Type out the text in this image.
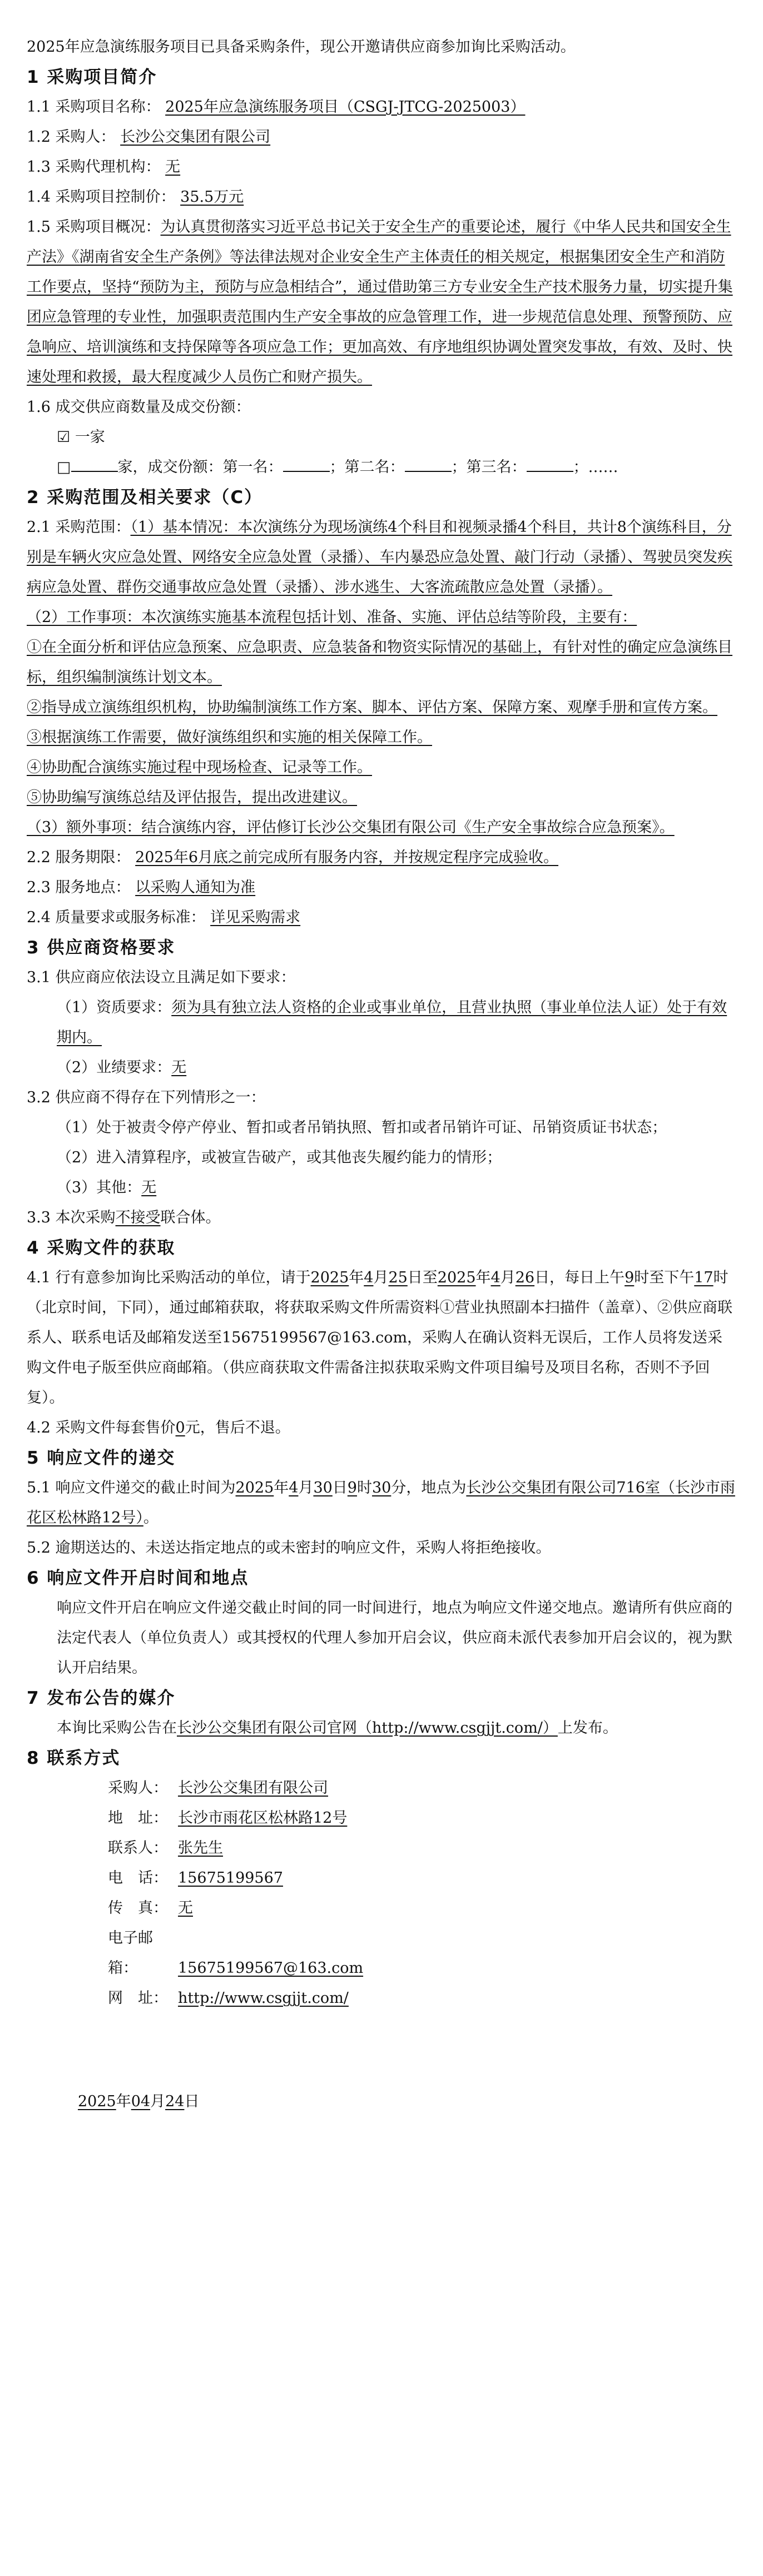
2025年应急演练服务项目已具备采购条件，现公开邀请供应商参加询比采购活动。

1 采购项目简介

1.1 采购项目名称： 2025年应急演练服务项目（CSGJ-JTCG-2025003）

1.2 采购人： 长沙公交集团有限公司

1.3 采购代理机构： 无

1.4 采购项目控制价： 35.5万元

1.5 采购项目概况：为认真贯彻落实习近平总书记关于安全生产的重要论述，履行《中华人民共和国安全生产法》《湖南省安全生产条例》等法律法规对企业安全生产主体责任的相关规定，根据集团安全生产和消防工作要点，坚持“预防为主，预防与应急相结合”，通过借助第三方专业安全生产技术服务力量，切实提升集团应急管理的专业性，加强职责范围内生产安全事故的应急管理工作，进一步规范信息处理、预警预防、应急响应、培训演练和支持保障等各项应急工作；更加高效、有序地组织协调处置突发事故，有效、及时、快速处理和救援，最大程度减少人员伤亡和财产损失。

1.6 成交供应商数量及成交份额：

☑ 一家

□	家，成交份额：第一名：	；第二名：	；第三名：	；……

2 采购范围及相关要求（C）

2.1 采购范围：（1）基本情况：本次演练分为现场演练4个科目和视频录播4个科目，共计8个演练科目，分别是车辆火灾应急处置、网络安全应急处置（录播）、车内暴恐应急处置、敲门行动（录播）、驾驶员突发疾病应急处置、群伤交通事故应急处置（录播）、涉水逃生、大客流疏散应急处置（录播）。

（2）工作事项：本次演练实施基本流程包括计划、准备、实施、评估总结等阶段，主要有：

①在全面分析和评估应急预案、应急职责、应急装备和物资实际情况的基础上，有针对性的确定应急演练目标，组织编制演练计划文本。

②指导成立演练组织机构，协助编制演练工作方案、脚本、评估方案、保障方案、观摩手册和宣传方案。

③根据演练工作需要，做好演练组织和实施的相关保障工作。

④协助配合演练实施过程中现场检查、记录等工作。

⑤协助编写演练总结及评估报告，提出改进建议。

（3）额外事项：结合演练内容，评估修订长沙公交集团有限公司《生产安全事故综合应急预案》。

2.2 服务期限： 2025年6月底之前完成所有服务内容，并按规定程序完成验收。

2.3 服务地点： 以采购人通知为准

2.4 质量要求或服务标准： 详见采购需求

3 供应商资格要求

3.1 供应商应依法设立且满足如下要求：

（1）资质要求：须为具有独立法人资格的企业或事业单位，且营业执照（事业单位法人证）处于有效期内。

（2）业绩要求：无

3.2 供应商不得存在下列情形之一：

（1）处于被责令停产停业、暂扣或者吊销执照、暂扣或者吊销许可证、吊销资质证书状态；

（2）进入清算程序，或被宣告破产，或其他丧失履约能力的情形；

（3）其他：无

3.3 本次采购不接受联合体。

4 采购文件的获取

4.1 行有意参加询比采购活动的单位，请于2025年4月25日至2025年4月26日，每日上午9时至下午17时（北京时间，下同），通过邮箱获取，将获取采购文件所需资料①营业执照副本扫描件（盖章）、②供应商联系人、联系电话及邮箱发送至15675199567@163.com，采购人在确认资料无误后，工作人员将发送采购文件电子版至供应商邮箱。（供应商获取文件需备注拟获取采购文件项目编号及项目名称，否则不予回复）。

4.2 采购文件每套售价0元，售后不退。

5 响应文件的递交

5.1 响应文件递交的截止时间为2025年4月30日9时30分，地点为长沙公交集团有限公司716室（长沙市雨花区松林路12号）。

5.2 逾期送达的、未送达指定地点的或未密封的响应文件，采购人将拒绝接收。

6 响应文件开启时间和地点

响应文件开启在响应文件递交截止时间的同一时间进行，地点为响应文件递交地点。邀请所有供应商的法定代表人（单位负责人）或其授权的代理人参加开启会议，供应商未派代表参加开启会议的，视为默认开启结果。

7 发布公告的媒介

本询比采购公告在长沙公交集团有限公司官网（http://www.csgjjt.com/）上发布。

8 联系方式

采购人： 长沙公交集团有限公司

地　址： 长沙市雨花区松林路12号

联系人： 张先生

电　话： 15675199567

传　真： 无

电子邮箱：	15675199567@163.com

网　址： http://www.csgjjt.com/

2025年04月24日
